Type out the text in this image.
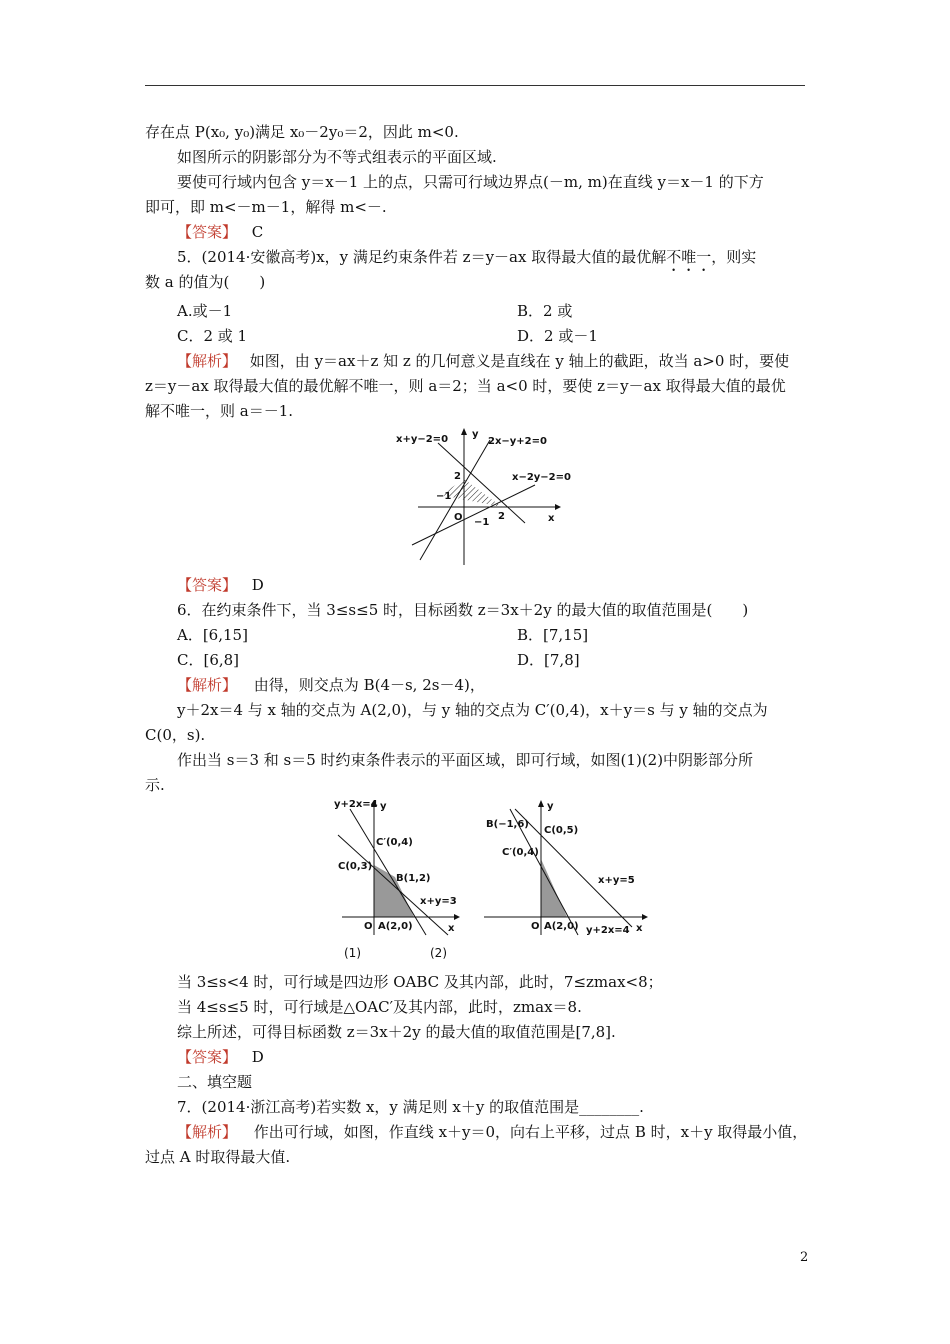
存在点 P(x₀, y₀)满足 x₀－2y₀＝2，因此 m<0.
如图所示的阴影部分为不等式组表示的平面区域.
要使可行域内包含 y＝x－1 上的点，只需可行域边界点(－m, m)在直线 y＝x－1 的下方
即可，即 m<－m－1，解得 m<－.
【答案】 C
5．(2014·安徽高考)x，y 满足约束条件若 z＝y－ax 取得最大值的最优解不唯一，则实
数 a 的值为(　　)
A.或－1	B．2 或
C．2 或 1	D．2 或－1
【解析】 如图，由 y＝ax＋z 知 z 的几何意义是直线在 y 轴上的截距，故当 a>0 时，要使
z＝y－ax 取得最大值的最优解不唯一，则 a＝2；当 a<0 时，要使 z＝y－ax 取得最大值的最优
解不唯一，则 a＝－1.
x+y−2=0	2x−y+2=0
x−2y−2=0
y
x
O
2
−1
2
−1
【答案】 D
6．在约束条件下，当 3≤s≤5 时，目标函数 z＝3x＋2y 的最大值的取值范围是(　　)
A．[6,15]	B．[7,15]
C．[6,8]	D．[7,8]
【解析】 由得，则交点为 B(4－s, 2s－4)，
y＋2x＝4 与 x 轴的交点为 A(2,0)，与 y 轴的交点为 C′(0,4)，x＋y＝s 与 y 轴的交点为
C(0，s).
作出当 s＝3 和 s＝5 时约束条件表示的平面区域，即可行域，如图(1)(2)中阴影部分所
示.
y+2x=4 y
x
O
C′(0,4)
C(0,3)
B(1,2)
x+y=3
A(2,0)
(1)
y
x
O
B(−1,6)
C(0,5)
C′(0,4)
x+y=5
A(2,0) y+2x=4
(2)
当 3≤s<4 时，可行域是四边形 OABC 及其内部，此时，7≤zmax<8；
当 4≤s≤5 时，可行域是△OAC′及其内部，此时，zmax＝8.
综上所述，可得目标函数 z＝3x＋2y 的最大值的取值范围是[7,8].
【答案】 D
二、填空题
7．(2014·浙江高考)若实数 x，y 满足则 x＋y 的取值范围是________.
【解析】 作出可行域，如图，作直线 x＋y＝0，向右上平移，过点 B 时，x＋y 取得最小值，
过点 A 时取得最大值.
2
